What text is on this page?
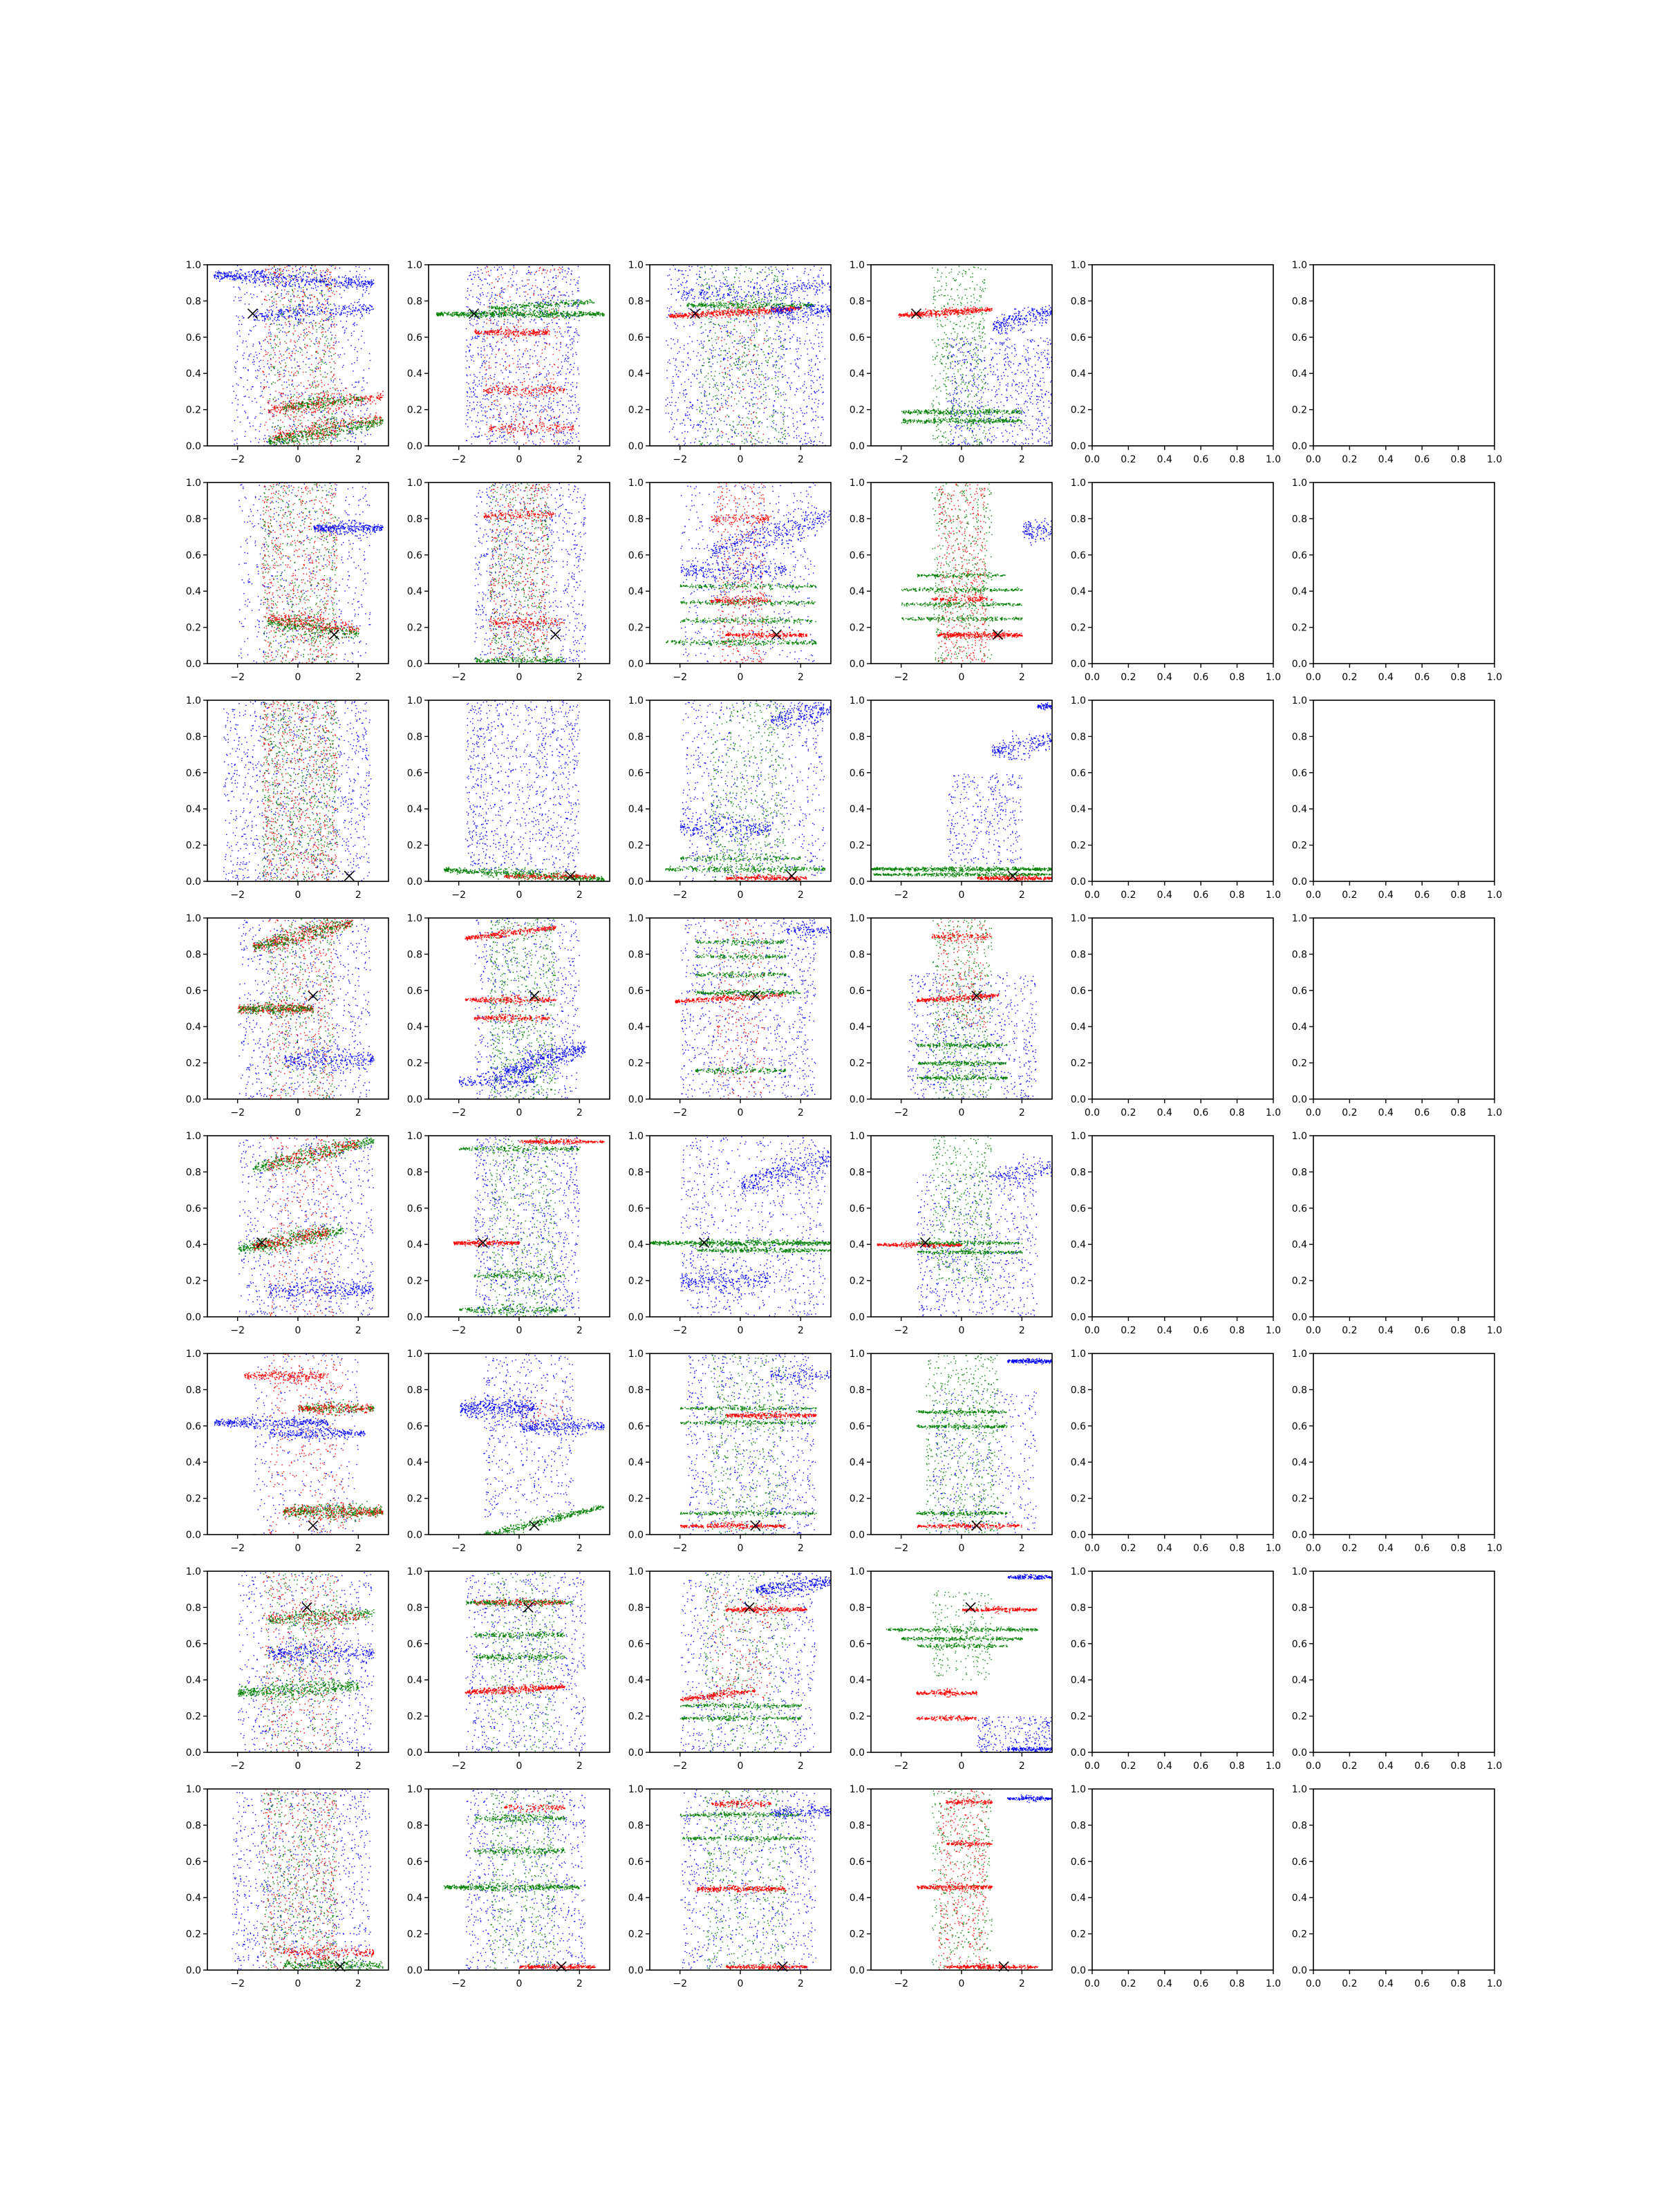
0.0
0.2
0.4
0.6
0.8
1.0
−2	0	2
0.0
0.2
0.4
0.6
0.8
1.0
−2	0	2
0.0
0.2
0.4
0.6
0.8
1.0
−2	0	2
0.0
0.2
0.4
0.6
0.8
1.0
−2	0	2
0.0
0.2
0.4
0.6
0.8
1.0
0.0 0.2 0.4 0.6 0.8 1.0
0.0
0.2
0.4
0.6
0.8
1.0
0.0 0.2 0.4 0.6 0.8 1.0
0.0
0.2
0.4
0.6
0.8
1.0
−2	0	2
0.0
0.2
0.4
0.6
0.8
1.0
−2	0	2
0.0
0.2
0.4
0.6
0.8
1.0
−2	0	2
0.0
0.2
0.4
0.6
0.8
1.0
−2	0	2
0.0
0.2
0.4
0.6
0.8
1.0
0.0 0.2 0.4 0.6 0.8 1.0
0.0
0.2
0.4
0.6
0.8
1.0
0.0 0.2 0.4 0.6 0.8 1.0
0.0
0.2
0.4
0.6
0.8
1.0
−2	0	2
0.0
0.2
0.4
0.6
0.8
1.0
−2	0	2
0.0
0.2
0.4
0.6
0.8
1.0
−2	0	2
0.0
0.2
0.4
0.6
0.8
1.0
−2	0	2
0.0
0.2
0.4
0.6
0.8
1.0
0.0 0.2 0.4 0.6 0.8 1.0
0.0
0.2
0.4
0.6
0.8
1.0
0.0 0.2 0.4 0.6 0.8 1.0
0.0
0.2
0.4
0.6
0.8
1.0
−2	0	2
0.0
0.2
0.4
0.6
0.8
1.0
−2	0	2
0.0
0.2
0.4
0.6
0.8
1.0
−2	0	2
0.0
0.2
0.4
0.6
0.8
1.0
−2	0	2
0.0
0.2
0.4
0.6
0.8
1.0
0.0 0.2 0.4 0.6 0.8 1.0
0.0
0.2
0.4
0.6
0.8
1.0
0.0 0.2 0.4 0.6 0.8 1.0
0.0
0.2
0.4
0.6
0.8
1.0
−2	0	2
0.0
0.2
0.4
0.6
0.8
1.0
−2	0	2
0.0
0.2
0.4
0.6
0.8
1.0
−2	0	2
0.0
0.2
0.4
0.6
0.8
1.0
−2	0	2
0.0
0.2
0.4
0.6
0.8
1.0
0.0 0.2 0.4 0.6 0.8 1.0
0.0
0.2
0.4
0.6
0.8
1.0
0.0 0.2 0.4 0.6 0.8 1.0
0.0
0.2
0.4
0.6
0.8
1.0
−2	0	2
0.0
0.2
0.4
0.6
0.8
1.0
−2	0	2
0.0
0.2
0.4
0.6
0.8
1.0
−2	0	2
0.0
0.2
0.4
0.6
0.8
1.0
−2	0	2
0.0
0.2
0.4
0.6
0.8
1.0
0.0 0.2 0.4 0.6 0.8 1.0
0.0
0.2
0.4
0.6
0.8
1.0
0.0 0.2 0.4 0.6 0.8 1.0
0.0
0.2
0.4
0.6
0.8
1.0
−2	0	2
0.0
0.2
0.4
0.6
0.8
1.0
−2	0	2
0.0
0.2
0.4
0.6
0.8
1.0
−2	0	2
0.0
0.2
0.4
0.6
0.8
1.0
−2	0	2
0.0
0.2
0.4
0.6
0.8
1.0
0.0 0.2 0.4 0.6 0.8 1.0
0.0
0.2
0.4
0.6
0.8
1.0
0.0 0.2 0.4 0.6 0.8 1.0
0.0
0.2
0.4
0.6
0.8
1.0
−2	0	2
0.0
0.2
0.4
0.6
0.8
1.0
−2	0	2
0.0
0.2
0.4
0.6
0.8
1.0
−2	0	2
0.0
0.2
0.4
0.6
0.8
1.0
−2	0	2
0.0
0.2
0.4
0.6
0.8
1.0
0.0 0.2 0.4 0.6 0.8 1.0
0.0
0.2
0.4
0.6
0.8
1.0
0.0 0.2 0.4 0.6 0.8 1.0
